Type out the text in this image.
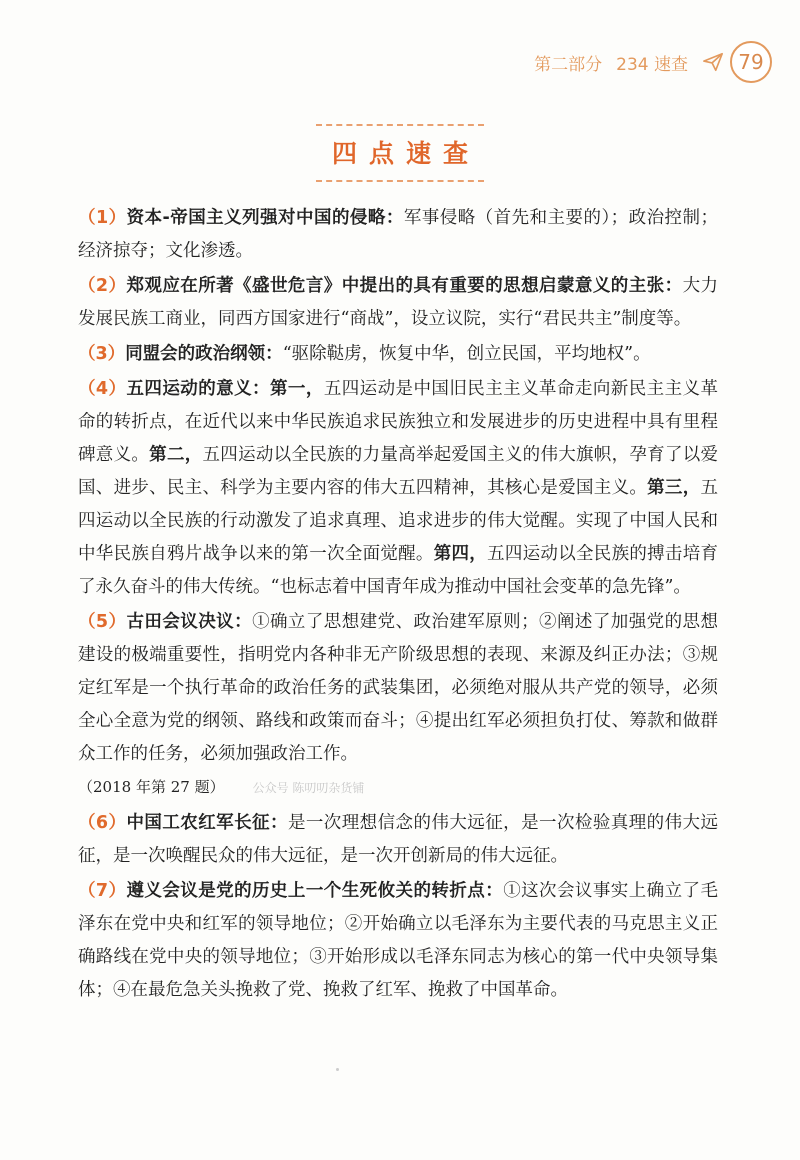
第二部分 234 速查	79
四点速查

（1）资本-帝国主义列强对中国的侵略：军事侵略（首先和主要的）；政治控制；经济掠夺；文化渗透。

（2）郑观应在所著《盛世危言》中提出的具有重要的思想启蒙意义的主张：大力发展民族工商业，同西方国家进行“商战”，设立议院，实行“君民共主”制度等。

（3）同盟会的政治纲领：“驱除鞑虏，恢复中华，创立民国，平均地权”。

（4）五四运动的意义：第一，五四运动是中国旧民主主义革命走向新民主主义革命的转折点，在近代以来中华民族追求民族独立和发展进步的历史进程中具有里程碑意义。第二，五四运动以全民族的力量高举起爱国主义的伟大旗帜，孕育了以爱国、进步、民主、科学为主要内容的伟大五四精神，其核心是爱国主义。第三，五四运动以全民族的行动激发了追求真理、追求进步的伟大觉醒。实现了中国人民和中华民族自鸦片战争以来的第一次全面觉醒。第四，五四运动以全民族的搏击培育了永久奋斗的伟大传统。“也标志着中国青年成为推动中国社会变革的急先锋”。

（5）古田会议决议：①确立了思想建党、政治建军原则；②阐述了加强党的思想建设的极端重要性，指明党内各种非无产阶级思想的表现、来源及纠正办法；③规定红军是一个执行革命的政治任务的武装集团，必须绝对服从共产党的领导，必须全心全意为党的纲领、路线和政策而奋斗；④提出红军必须担负打仗、筹款和做群众工作的任务，必须加强政治工作。
（2018 年第 27 题） 公众号 陈叨叨杂货铺

（6）中国工农红军长征：是一次理想信念的伟大远征，是一次检验真理的伟大远征，是一次唤醒民众的伟大远征，是一次开创新局的伟大远征。

（7）遵义会议是党的历史上一个生死攸关的转折点：①这次会议事实上确立了毛泽东在党中央和红军的领导地位；②开始确立以毛泽东为主要代表的马克思主义正确路线在党中央的领导地位；③开始形成以毛泽东同志为核心的第一代中央领导集体；④在最危急关头挽救了党、挽救了红军、挽救了中国革命。
